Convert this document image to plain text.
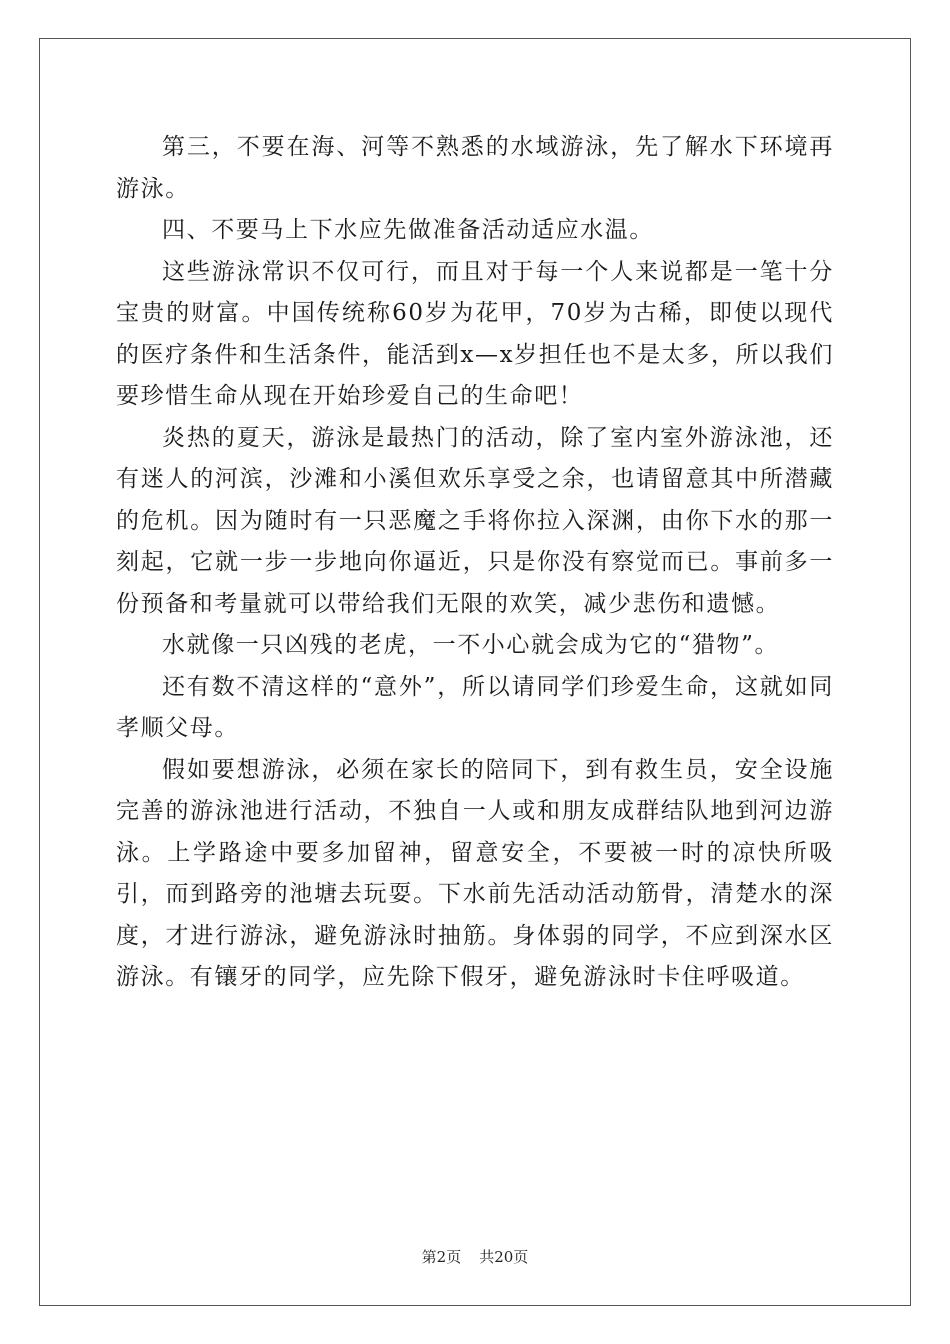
第三，不要在海、河等不熟悉的水域游泳，先了解水下环境再游泳。

四、不要马上下水应先做准备活动适应水温。

这些游泳常识不仅可行，而且对于每一个人来说都是一笔十分宝贵的财富。中国传统称60岁为花甲，70岁为古稀，即使以现代的医疗条件和生活条件，能活到x—x岁担任也不是太多，所以我们要珍惜生命从现在开始珍爱自己的生命吧！

炎热的夏天，游泳是最热门的活动，除了室内室外游泳池，还有迷人的河滨，沙滩和小溪但欢乐享受之余，也请留意其中所潜藏的危机。因为随时有一只恶魔之手将你拉入深渊，由你下水的那一刻起，它就一步一步地向你逼近，只是你没有察觉而已。事前多一份预备和考量就可以带给我们无限的欢笑，减少悲伤和遗憾。

水就像一只凶残的老虎，一不小心就会成为它的“猎物”。

还有数不清这样的“意外”，所以请同学们珍爱生命，这就如同孝顺父母。

假如要想游泳，必须在家长的陪同下，到有救生员，安全设施完善的游泳池进行活动，不独自一人或和朋友成群结队地到河边游泳。上学路途中要多加留神，留意安全，不要被一时的凉快所吸引，而到路旁的池塘去玩耍。下水前先活动活动筋骨，清楚水的深度，才进行游泳，避免游泳时抽筋。身体弱的同学，不应到深水区游泳。有镶牙的同学，应先除下假牙，避免游泳时卡住呼吸道。

第2页 共20页
